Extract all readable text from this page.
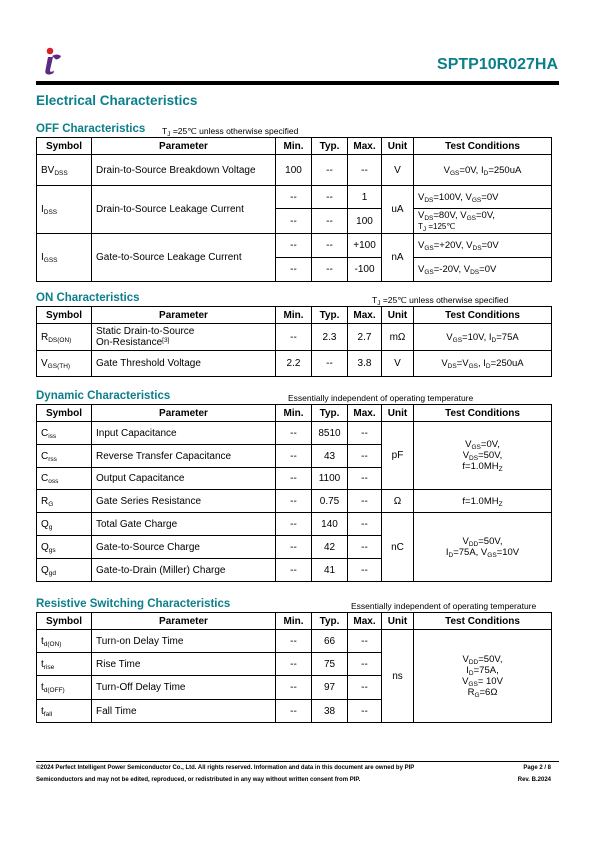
SPTP10R027HA
Electrical Characteristics
OFF Characteristics $T_J$ =25℃ unless otherwise specified
Symbol	Parameter	Min.	Typ.	Max.	Unit	Test Conditions
$BV_{DSS}$	Drain-to-Source Breakdown Voltage	100	--	--	V	$V_{GS}=0V$, $I_D=250uA$
$I_{DSS}$	Drain-to-Source Leakage Current	--	--	1	uA	$V_{DS}=100V$, $V_{GS}=0V$
		--	--	100		$V_{DS}=80V$, $V_{GS}=0V$,
$T_J$ =125℃
$I_{GSS}$	Gate-to-Source Leakage Current	--	--	+100	nA	$V_{GS}=+20V$, $V_{DS}=0V$
		--	--	-100		$V_{GS}=-20V$, $V_{DS}=0V$
ON Characteristics	$T_J$ =25℃ unless otherwise specified
Symbol	Parameter	Min.	Typ.	Max.	Unit	Test Conditions
$R_{DS(ON)}$	Static Drain-to-Source
On-Resistance[3]	--	2.3	2.7	mΩ	$V_{GS}=10V$, $I_D=75A$
$V_{GS(TH)}$	Gate Threshold Voltage	2.2	--	3.8	V	$V_{DS}=V_{GS}$, $I_D=250uA$
Dynamic Characteristics	Essentially independent of operating temperature
Symbol	Parameter	Min.	Typ.	Max.	Unit	Test Conditions
$C_{iss}$	Input Capacitance	--	8510	--	pF	$V_{GS}=0V$,
$V_{DS}=50V$,
$f=1.0MH_Z$
$C_{rss}$	Reverse Transfer Capacitance	--	43	--		
$C_{oss}$	Output Capacitance	--	1100	--		
$R_G$	Gate Series Resistance	--	0.75	--	Ω	$f=1.0MH_Z$
$Q_g$	Total Gate Charge	--	140	--	nC	$V_{DD}=50V$,
$I_D=75A$, $V_{GS}=10V$
$Q_{gs}$	Gate-to-Source Charge	--	42	--		
$Q_{gd}$	Gate-to-Drain (Miller) Charge	--	41	--		
Resistive Switching Characteristics	Essentially independent of operating temperature
Symbol	Parameter	Min.	Typ.	Max.	Unit	Test Conditions
$t_{d(ON)}$	Turn-on Delay Time	--	66	--	ns	$V_{DD}=50V$,
$I_D=75A$,
$V_{GS}= 10V$
$R_G=6\Omega$
$t_{rise}$	Rise Time	--	75	--		
$t_{d(OFF)}$	Turn-Off Delay Time	--	97	--		
$t_{fall}$	Fall Time	--	38	--		
©2024 Perfect Intelligent Power Semiconductor Co., Ltd. All rights reserved. Information and data in this document are owned by PIP
Semiconductors and may not be edited, reproduced, or redistributed in any way without written consent from PIP.
Page 2 / 8
Rev. B.2024
